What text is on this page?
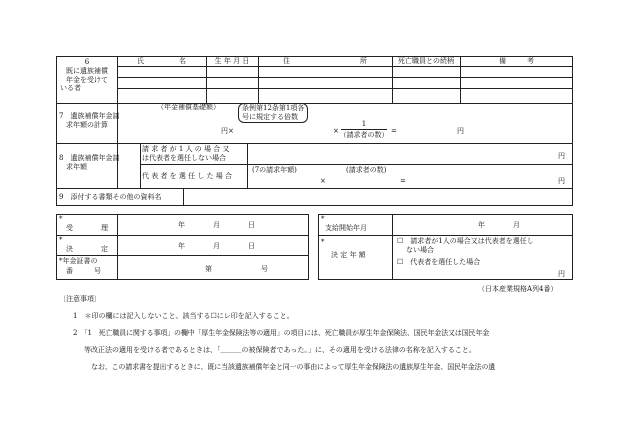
6
既に遺族補償
年金を受けて
いる者
氏　　　　　名	生 年 月 日	住　　　　　　　　　　所	死亡職員との続柄	備　　　考
7　遺族補償年金請
求年額の計算
（年金補償基礎額）	条例第12条第1項各
号に規定する倍数
円×	×
1
（請求者の数） =	円
8　遺族補償年金請
求年額
請 求 者 が 1 人 の 場 合 又
は代表者を選任しない場合	円
代 表 者 を 選 任 し た 場 合
(7の請求年額)	(請求者の数)
×	=	円
9　添付する書類その他の資料名
*
受　　　　理	年　　　　月　　　　日
*
決　　　　定	年　　　　月　　　　日
*年金証書の
番　　　号	第　　　　　　　号
*
支給開始年月	年　　　　月
*
決 定 年 額
☐　請求者が1人の場合又は代表者を選任し
ない場合
☐　代表者を選任した場合
円
（日本産業規格A列4番）
〔注意事項〕
1　＊印の欄には記入しないこと。該当する☐にレ印を記入すること。
2　「1　死亡職員に関する事項」の欄中「厚生年金保険法等の適用」の項目には、死亡職員が厚生年金保険法、国民年金法又は国民年金
等改正法の適用を受ける者であるときは、「＿＿＿の被保険者であった。」に、その適用を受ける法律の名称を記入すること。
なお、この請求書を提出するときに、既に当該遺族補償年金と同一の事由によって厚生年金保険法の遺族厚生年金、国民年金法の遺
